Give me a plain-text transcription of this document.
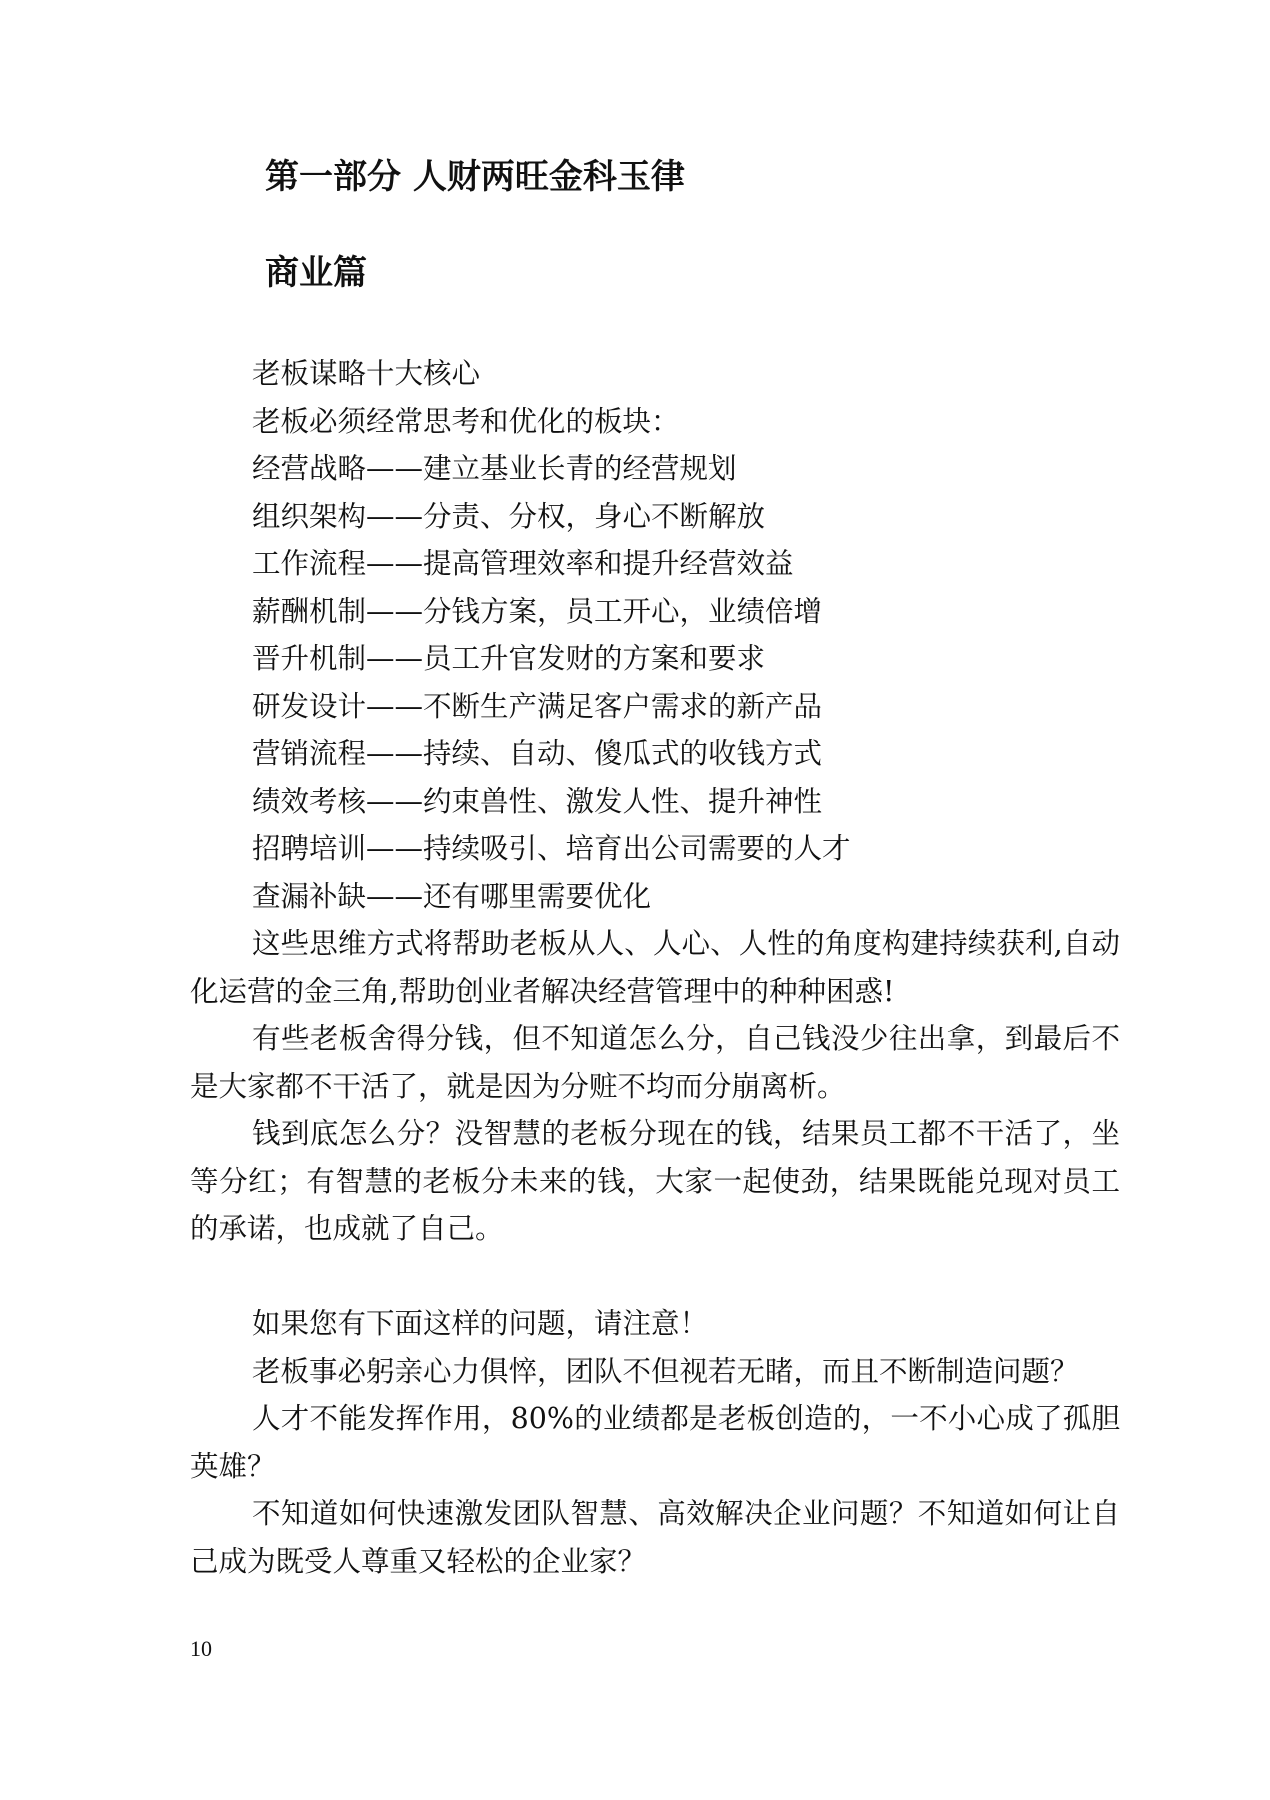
第一部分 人财两旺金科玉律
商业篇

老板谋略十大核心

老板必须经常思考和优化的板块：

经营战略——建立基业长青的经营规划

组织架构——分责、分权，身心不断解放

工作流程——提高管理效率和提升经营效益

薪酬机制——分钱方案，员工开心，业绩倍增

晋升机制——员工升官发财的方案和要求

研发设计——不断生产满足客户需求的新产品

营销流程——持续、自动、傻瓜式的收钱方式

绩效考核——约束兽性、激发人性、提升神性

招聘培训——持续吸引、培育出公司需要的人才

查漏补缺——还有哪里需要优化

这些思维方式将帮助老板从人、人心、人性的角度构建持续获利,自动化运营的金三角,帮助创业者解决经营管理中的种种困惑!

有些老板舍得分钱，但不知道怎么分，自己钱没少往出拿，到最后不是大家都不干活了，就是因为分赃不均而分崩离析。

钱到底怎么分？没智慧的老板分现在的钱，结果员工都不干活了，坐等分红；有智慧的老板分未来的钱，大家一起使劲，结果既能兑现对员工的承诺，也成就了自己。

如果您有下面这样的问题，请注意！

老板事必躬亲心力俱悴，团队不但视若无睹，而且不断制造问题？

人才不能发挥作用，80%的业绩都是老板创造的，一不小心成了孤胆英雄？

不知道如何快速激发团队智慧、高效解决企业问题？不知道如何让自己成为既受人尊重又轻松的企业家？

10
